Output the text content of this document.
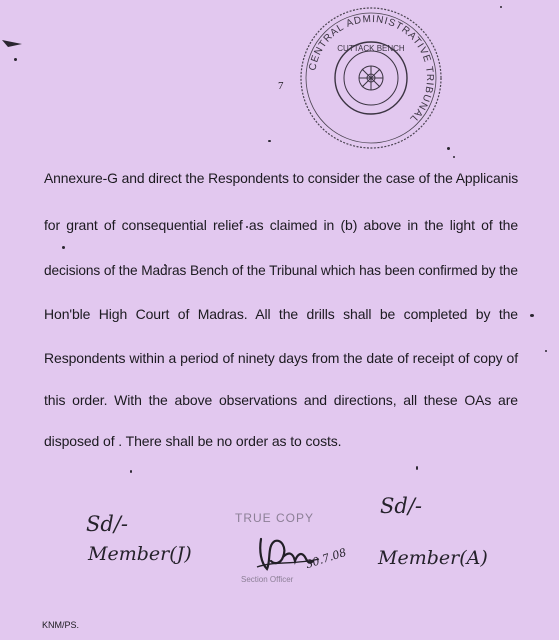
7
CENTRAL ADMINISTRATIVE TRIBUNAL
CUTTACK BENCH
Annexure-G and direct the Respondents to consider the case of the Applicanis
for grant of consequential relief as claimed in (b) above in the light of the
decisions of the Madras Bench of the Tribunal which has been confirmed by the
Hon'ble High Court of Madras. All the drills shall be completed by the
Respondents within a period of ninety days from the date of receipt of copy of
this order. With the above observations and directions, all these OAs are
disposed of . There shall be no order as to costs.
Sd/-
Member(J)
Sd/-
Member(A)
TRUE COPY
Section Officer
30.7.08
KNM/PS.
